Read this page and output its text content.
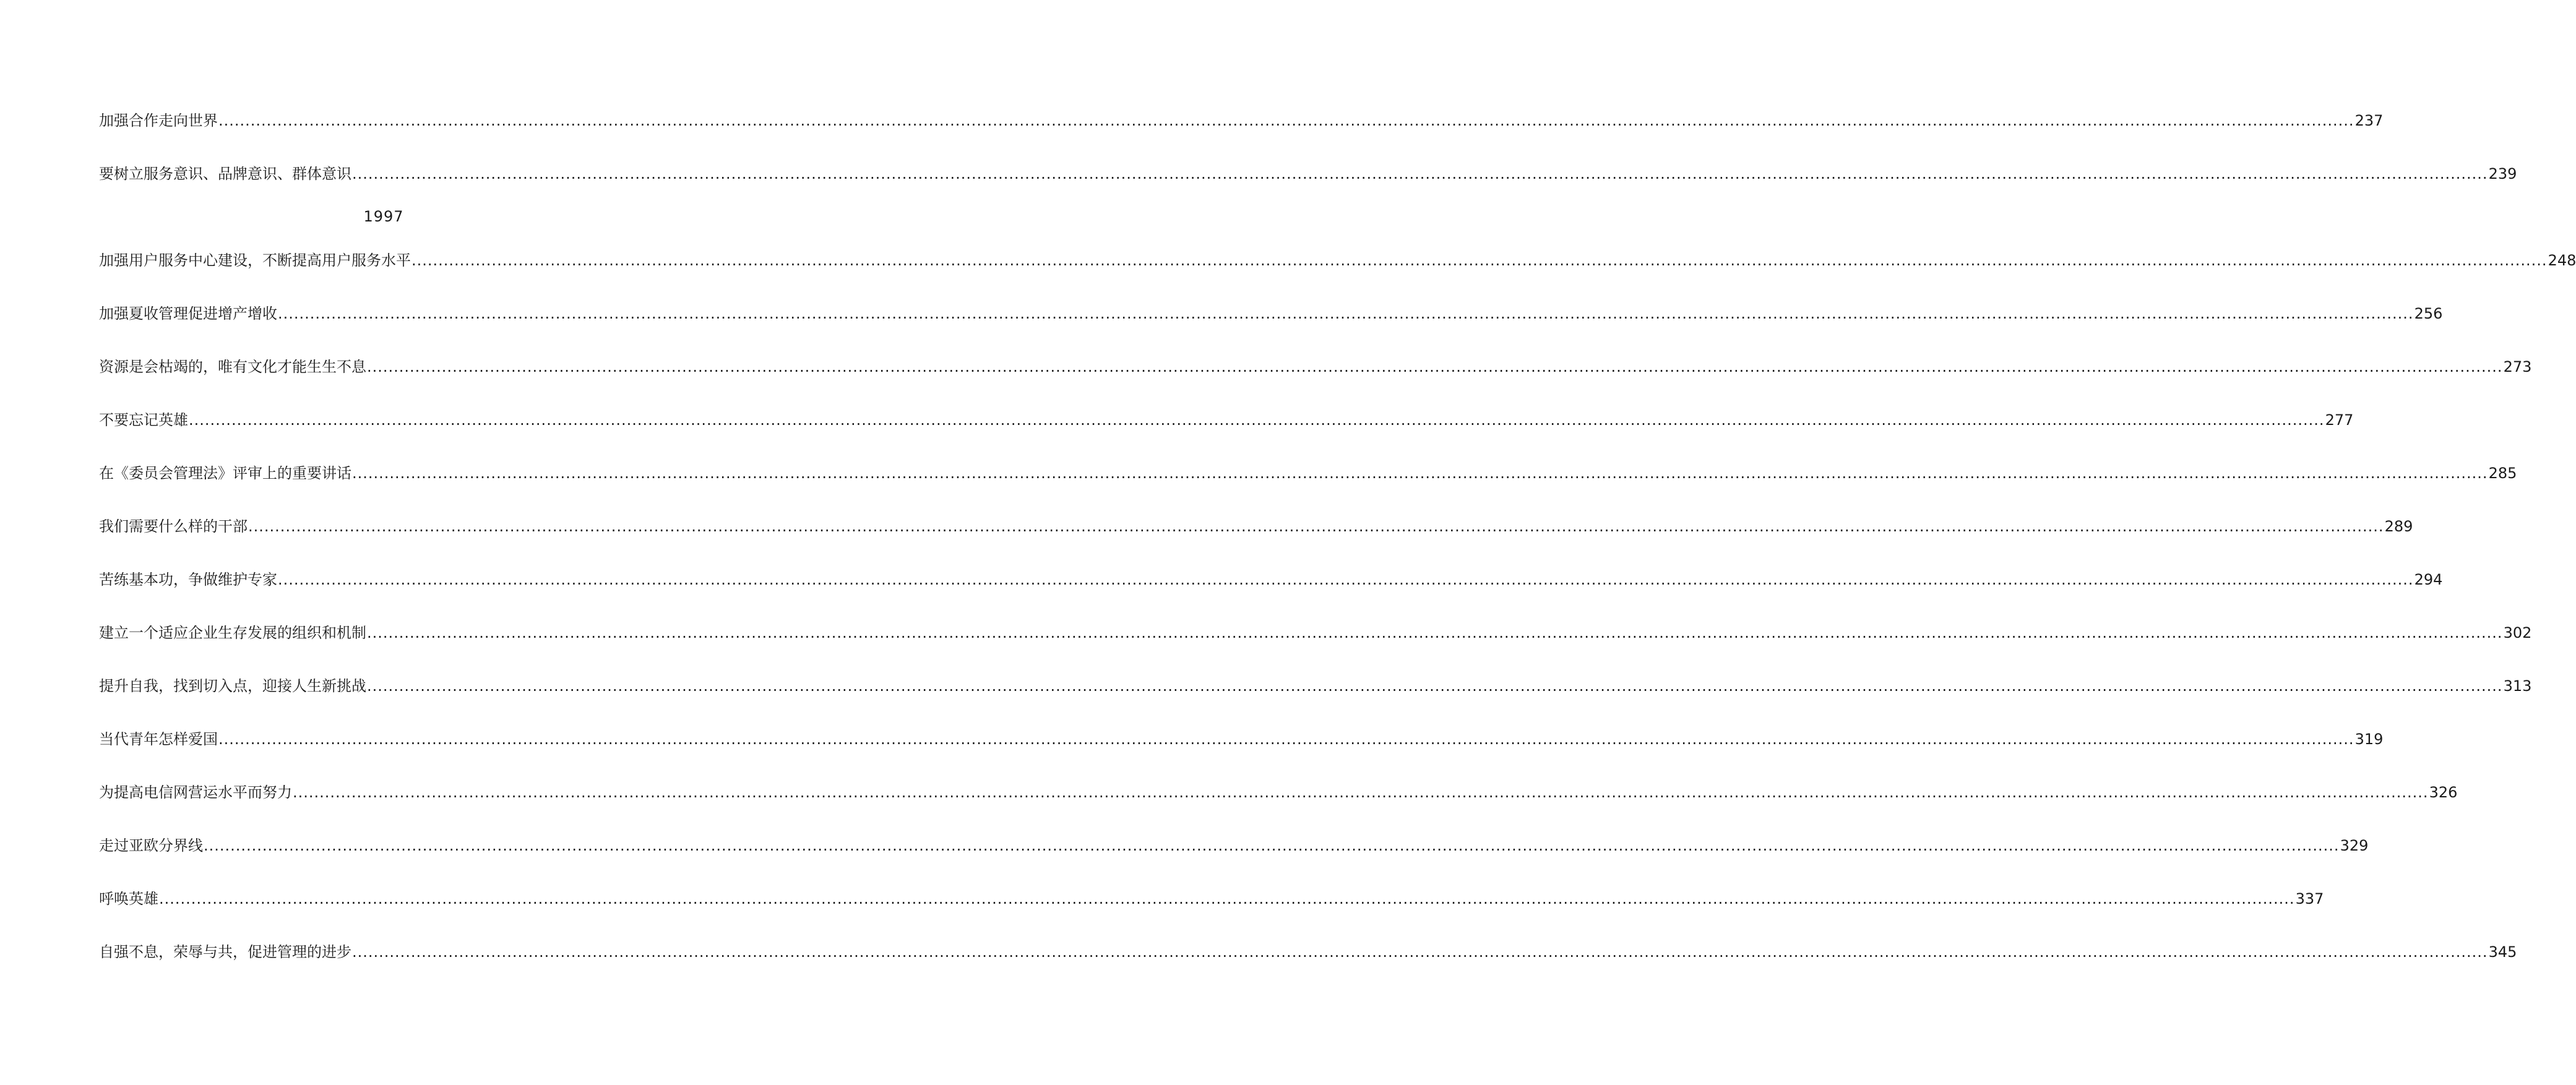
加强合作走向世界 ................................................................................................................................................................................................................................................................................................................................................................................................................ 237
要树立服务意识、品牌意识、群体意识 ................................................................................................................................................................................................................................................................................................................................................................................................................ 239
1997
加强用户服务中心建设，不断提高用户服务水平 ................................................................................................................................................................................................................................................................................................................................................................................................................ 248
加强夏收管理促进增产增收 ................................................................................................................................................................................................................................................................................................................................................................................................................ 256
资源是会枯竭的，唯有文化才能生生不息 ................................................................................................................................................................................................................................................................................................................................................................................................................ 273
不要忘记英雄 ................................................................................................................................................................................................................................................................................................................................................................................................................ 277
在《委员会管理法》评审上的重要讲话 ................................................................................................................................................................................................................................................................................................................................................................................................................ 285
我们需要什么样的干部 ................................................................................................................................................................................................................................................................................................................................................................................................................ 289
苦练基本功，争做维护专家 ................................................................................................................................................................................................................................................................................................................................................................................................................ 294
建立一个适应企业生存发展的组织和机制 ................................................................................................................................................................................................................................................................................................................................................................................................................ 302
提升自我，找到切入点，迎接人生新挑战 ................................................................................................................................................................................................................................................................................................................................................................................................................ 313
当代青年怎样爱国 ................................................................................................................................................................................................................................................................................................................................................................................................................ 319
为提高电信网营运水平而努力 ................................................................................................................................................................................................................................................................................................................................................................................................................ 326
走过亚欧分界线 ................................................................................................................................................................................................................................................................................................................................................................................................................ 329
呼唤英雄 ................................................................................................................................................................................................................................................................................................................................................................................................................ 337
自强不息，荣辱与共，促进管理的进步 ................................................................................................................................................................................................................................................................................................................................................................................................................ 345
